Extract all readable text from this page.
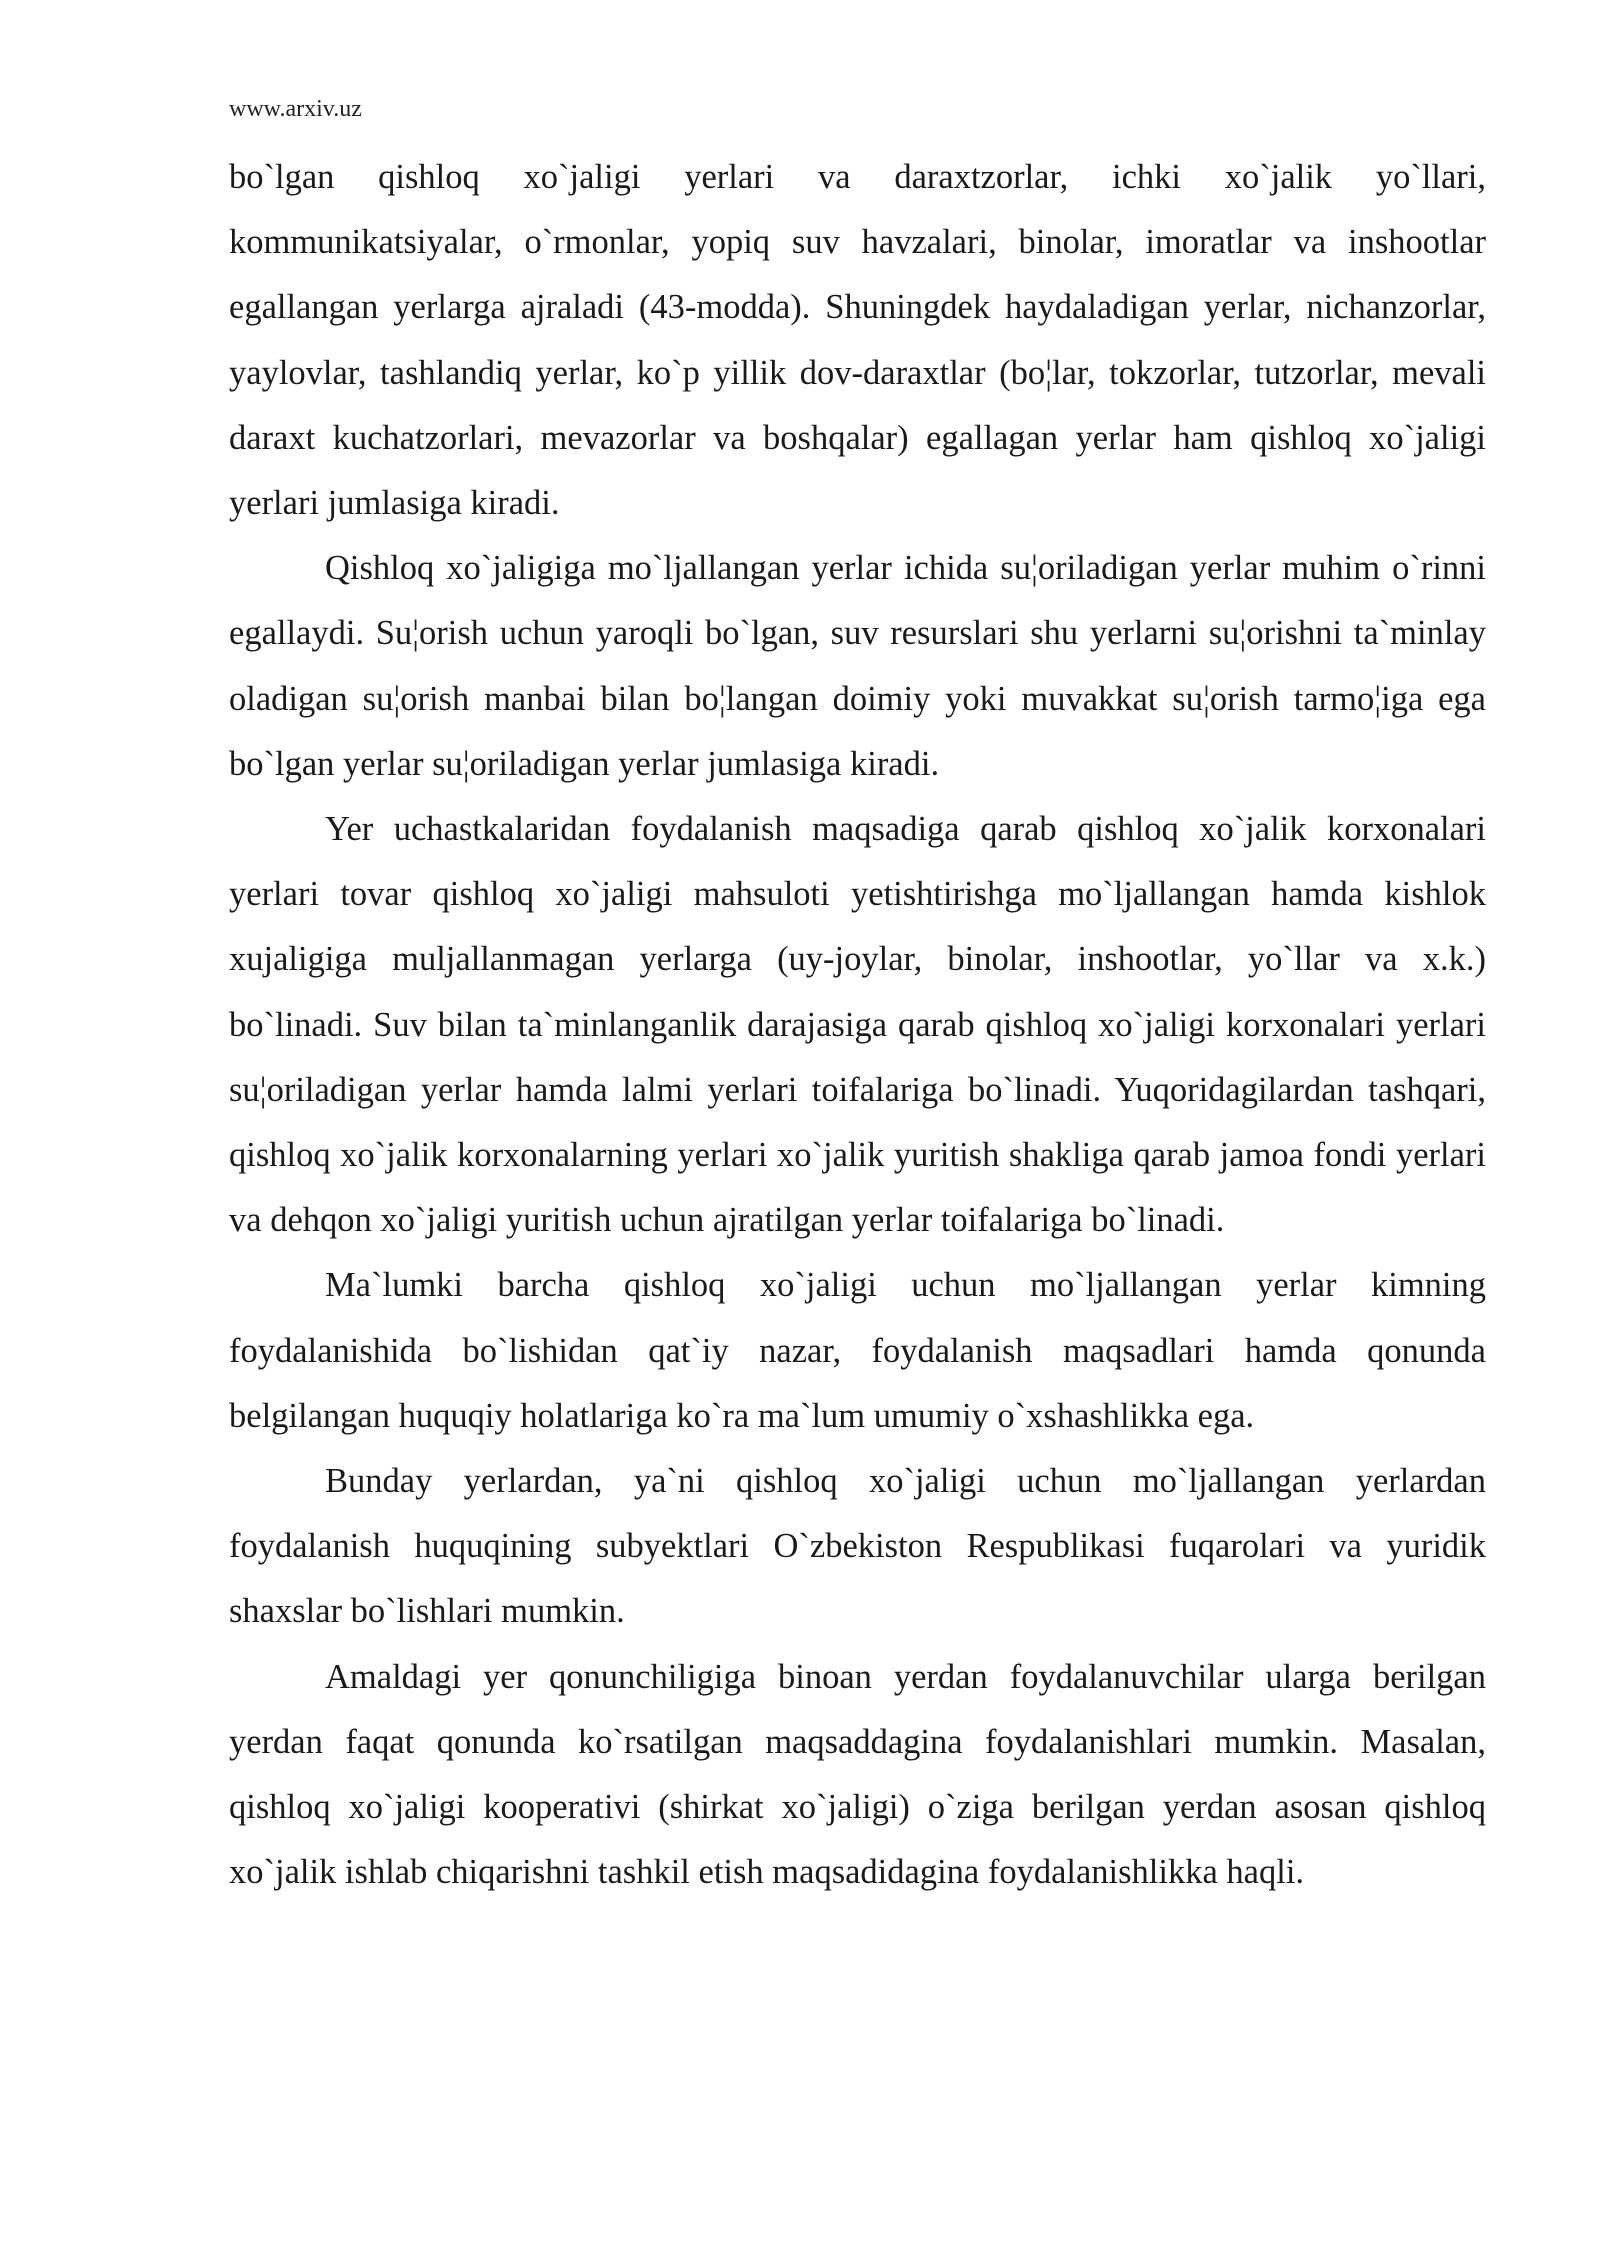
www.arxiv.uz

bo`lgan qishloq xo`jaligi yerlari va daraxtzorlar, ichki xo`jalik yo`llari, kommunikatsiyalar, o`rmonlar, yopiq suv havzalari, binolar, imoratlar va inshootlar egallangan yerlarga ajraladi (43-modda). Shuningdek haydaladigan yerlar, nichanzorlar, yaylovlar, tashlandiq yerlar, ko`p yillik dov-daraxtlar (bo¦lar, tokzorlar, tutzorlar, mevali daraxt kuchatzorlari, mevazorlar va boshqalar) egallagan yerlar ham qishloq xo`jaligi yerlari jumlasiga kiradi.

Qishloq xo`jaligiga mo`ljallangan yerlar ichida su¦oriladigan yerlar muhim o`rinni egallaydi. Su¦orish uchun yaroqli bo`lgan, suv resurslari shu yerlarni su¦orishni ta`minlay oladigan su¦orish manbai bilan bo¦langan doimiy yoki muvakkat su¦orish tarmo¦iga ega bo`lgan yerlar su¦oriladigan yerlar jumlasiga kiradi.

Yer uchastkalaridan foydalanish maqsadiga qarab qishloq xo`jalik korxonalari yerlari tovar qishloq xo`jaligi mahsuloti yetishtirishga mo`ljallangan hamda kishlok xujaligiga muljallanmagan yerlarga (uy-joylar, binolar, inshootlar, yo`llar va x.k.) bo`linadi. Suv bilan ta`minlanganlik darajasiga qarab qishloq xo`jaligi korxonalari yerlari su¦oriladigan yerlar hamda lalmi yerlari toifalariga bo`linadi. Yuqoridagilardan tashqari, qishloq xo`jalik korxonalarning yerlari xo`jalik yuritish shakliga qarab jamoa fondi yerlari va dehqon xo`jaligi yuritish uchun ajratilgan yerlar toifalariga bo`linadi.

Ma`lumki barcha qishloq xo`jaligi uchun mo`ljallangan yerlar kimning foydalanishida bo`lishidan qat`iy nazar, foydalanish maqsadlari hamda qonunda belgilangan huquqiy holatlariga ko`ra ma`lum umumiy o`xshashlikka ega.

Bunday yerlardan, ya`ni qishloq xo`jaligi uchun mo`ljallangan yerlardan foydalanish huquqining subyektlari O`zbekiston Respublikasi fuqarolari va yuridik shaxslar bo`lishlari mumkin.

Amaldagi yer qonunchiligiga binoan yerdan foydalanuvchilar ularga berilgan yerdan faqat qonunda ko`rsatilgan maqsaddagina foydalanishlari mumkin. Masalan, qishloq xo`jaligi kooperativi (shirkat xo`jaligi) o`ziga berilgan yerdan asosan qishloq xo`jalik ishlab chiqarishni tashkil etish maqsadidagina foydalanishlikka haqli.
